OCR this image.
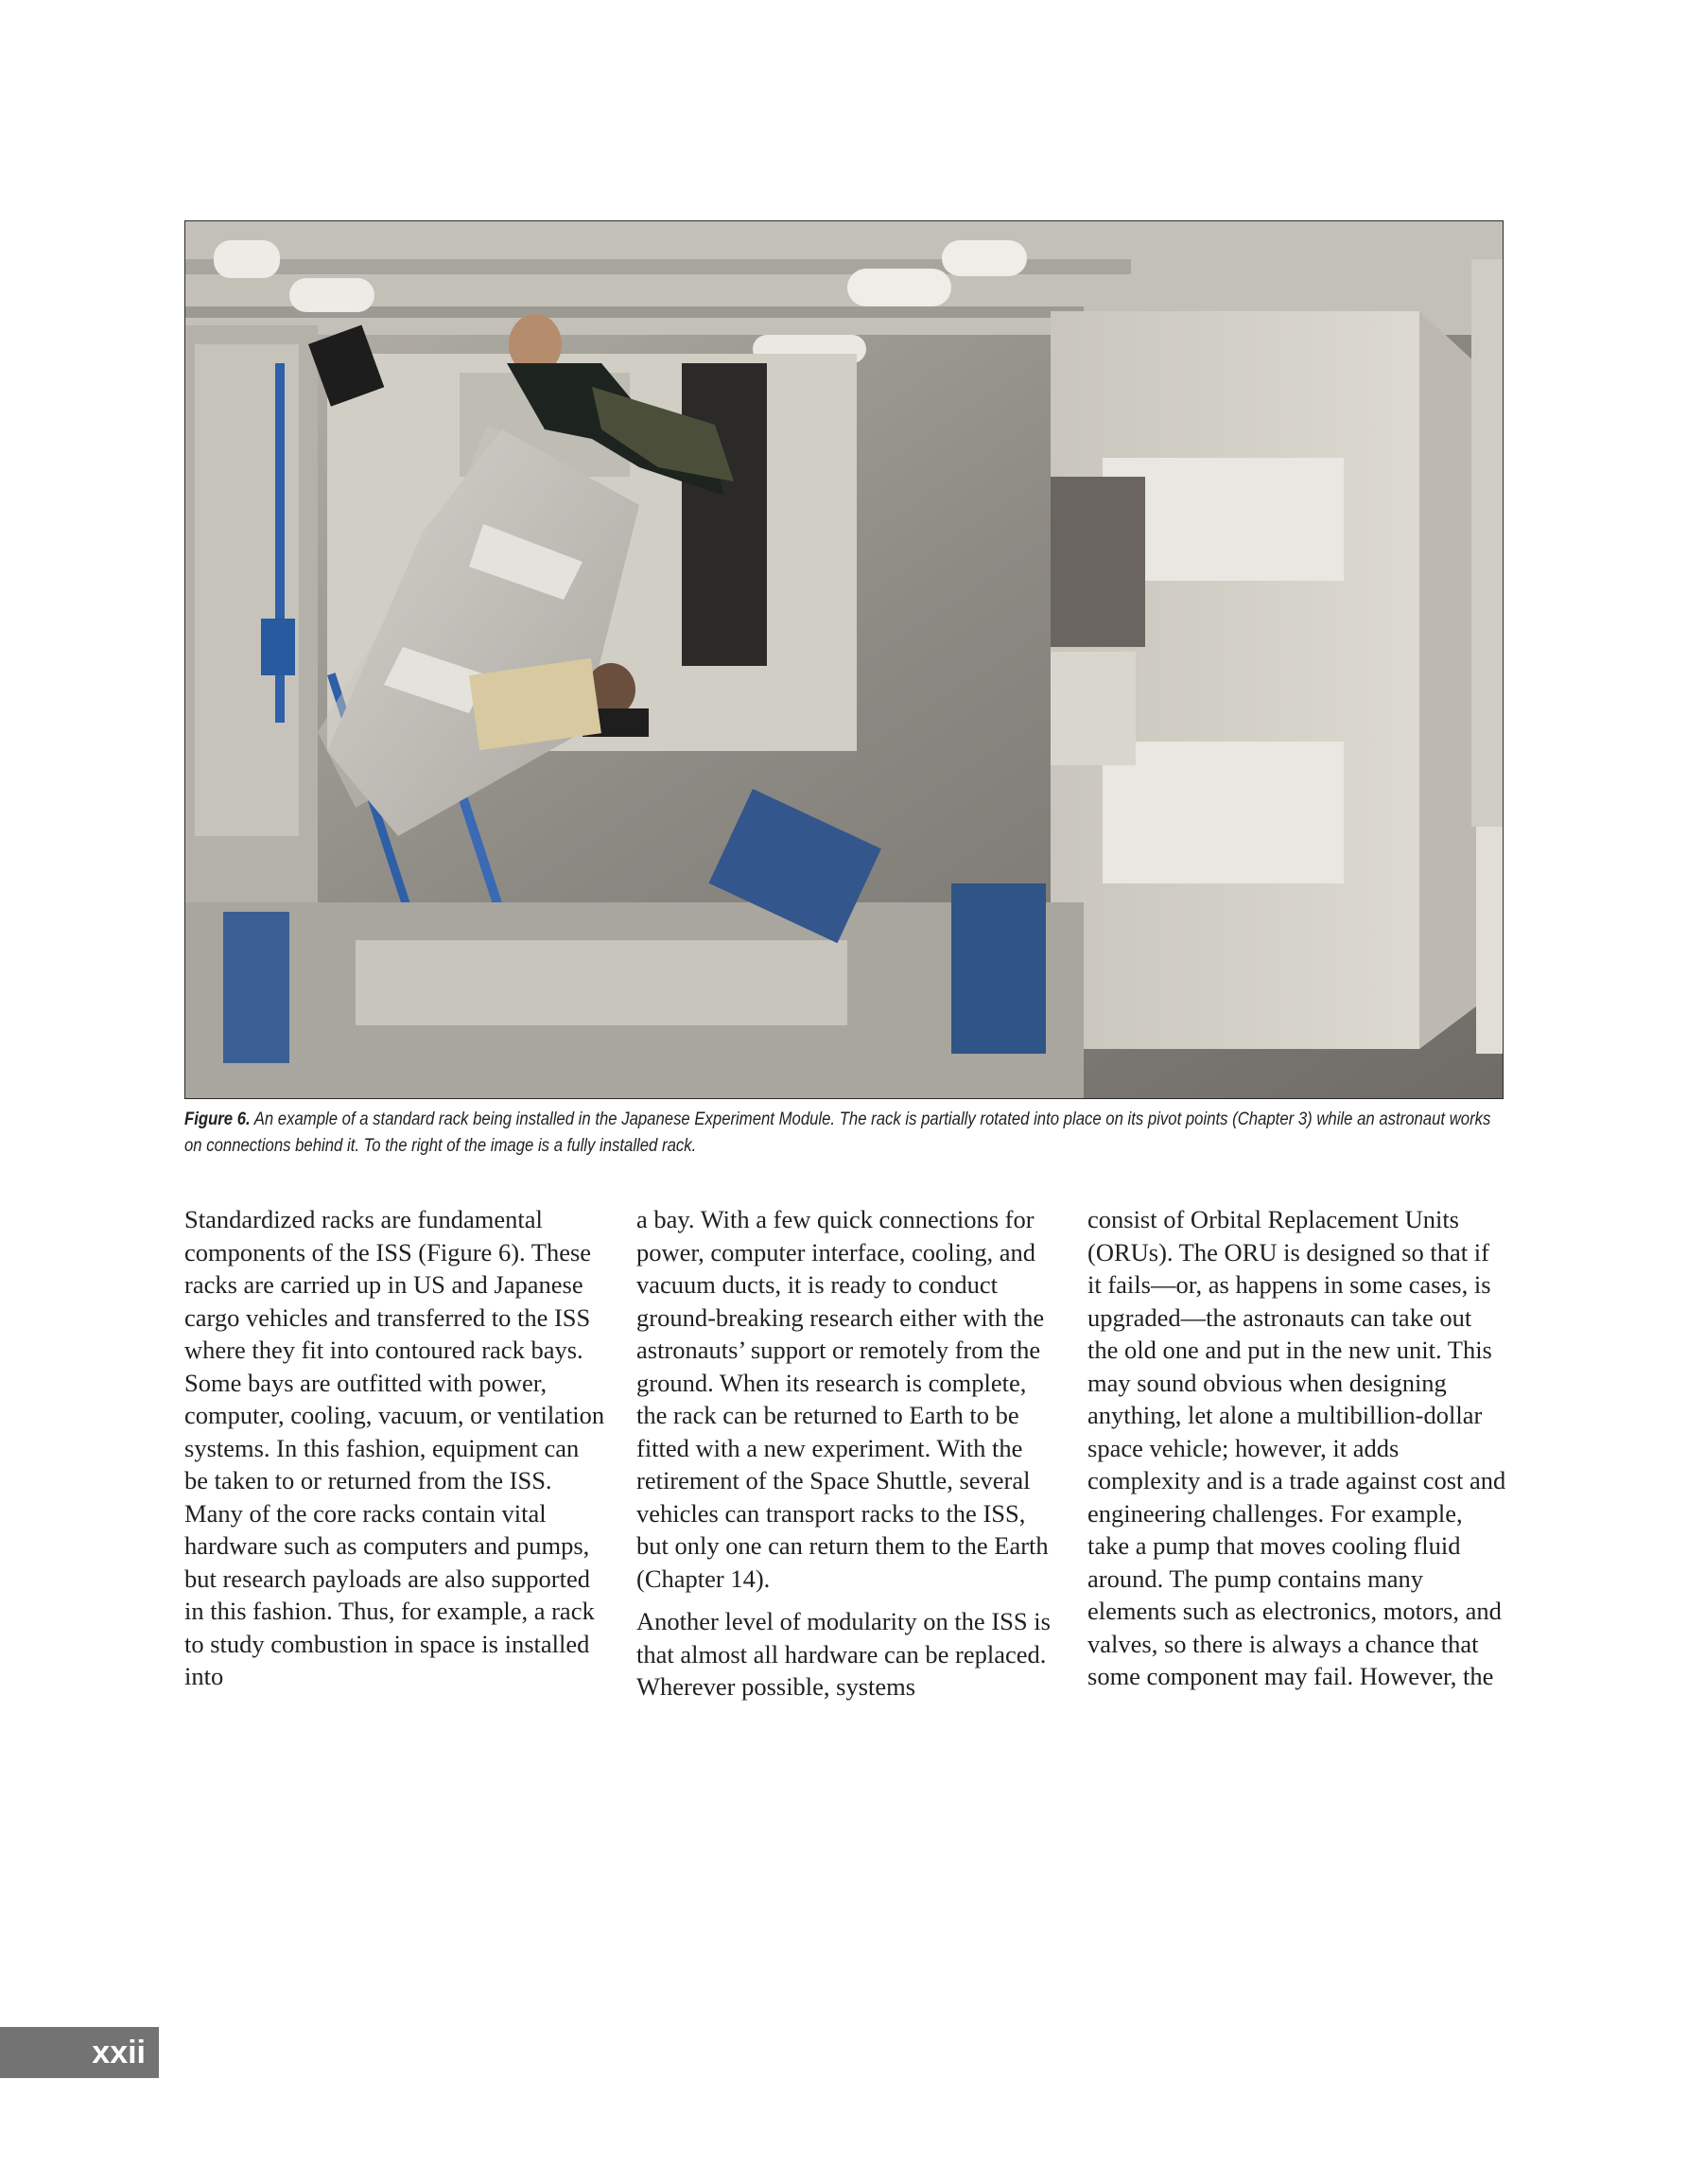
Figure 6. An example of a standard rack being installed in the Japanese Experiment Module. The rack is partially rotated into place on its pivot points (Chapter 3) while an astronaut works on connections behind it. To the right of the image is a fully installed rack.

Standardized racks are fundamental components of the ISS (Figure 6). These racks are carried up in US and Japanese cargo vehicles and transferred to the ISS where they fit into contoured rack bays. Some bays are outfitted with power, computer, cooling, vacuum, or ventilation systems. In this fashion, equipment can be taken to or returned from the ISS. Many of the core racks contain vital hardware such as computers and pumps, but research payloads are also supported in this fashion. Thus, for example, a rack to study combustion in space is installed into

a bay. With a few quick connections for power, computer interface, cooling, and vacuum ducts, it is ready to conduct ground-breaking research either with the astronauts’ support or remotely from the ground. When its research is complete, the rack can be returned to Earth to be fitted with a new experiment. With the retirement of the Space Shuttle, several vehicles can transport racks to the ISS, but only one can return them to the Earth (Chapter 14).

Another level of modularity on the ISS is that almost all hardware can be replaced. Wherever possible, systems

consist of Orbital Replacement Units (ORUs). The ORU is designed so that if it fails—or, as happens in some cases, is upgraded—the astronauts can take out the old one and put in the new unit. This may sound obvious when designing anything, let alone a multibillion-dollar space vehicle; however, it adds complexity and is a trade against cost and engineering challenges. For example, take a pump that moves cooling fluid around. The pump contains many elements such as electronics, motors, and valves, so there is always a chance that some component may fail. However, the

xxii
